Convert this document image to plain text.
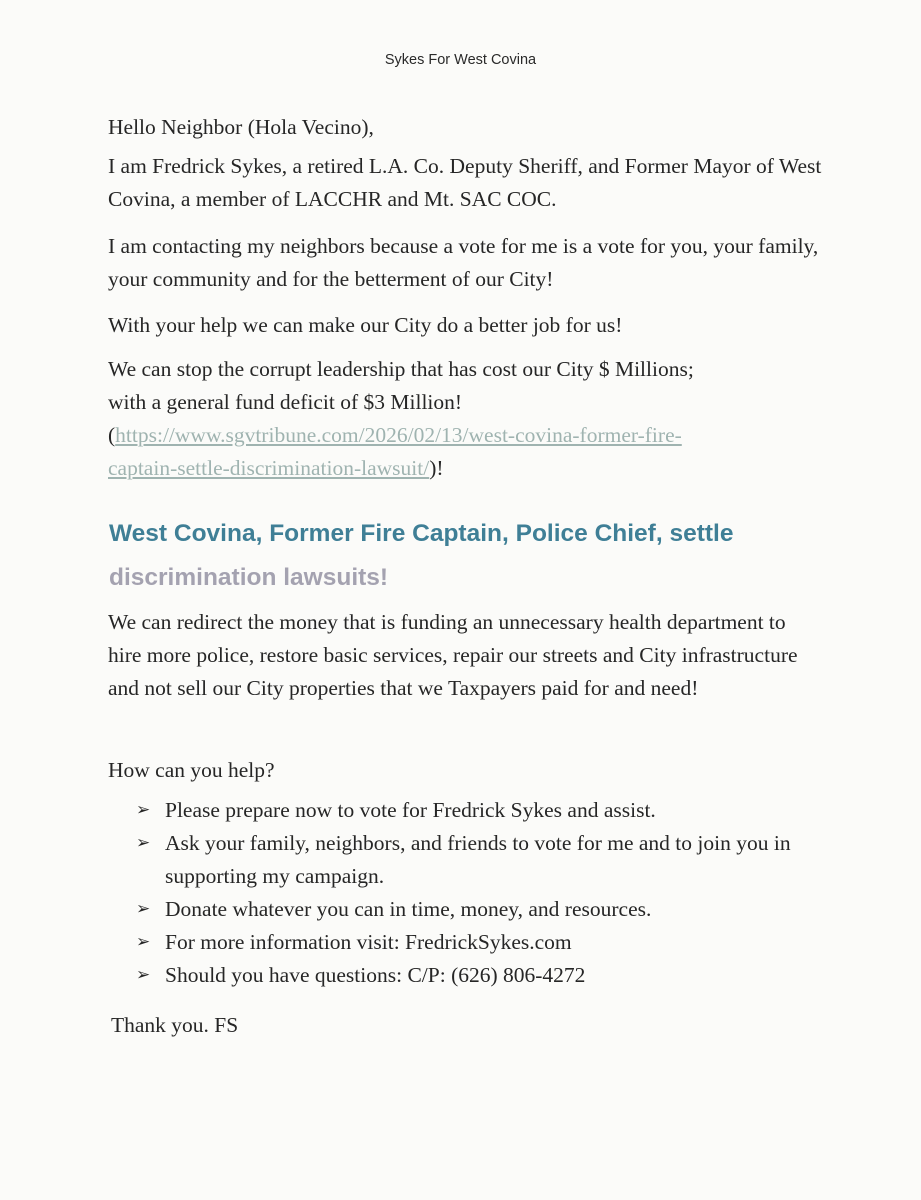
Sykes For West Covina

Hello Neighbor (Hola Vecino),

I am Fredrick Sykes, a retired L.A. Co. Deputy Sheriff, and Former Mayor of West Covina, a member of LACCHR and Mt. SAC COC.

I am contacting my neighbors because a vote for me is a vote for you, your family, your community and for the betterment of our City!

With your help we can make our City do a better job for us!

We can stop the corrupt leadership that has cost our City $ Millions;
with a general fund deficit of $3 Million!
(https://www.sgvtribune.com/2026/02/13/west-covina-former-fire-
captain-settle-discrimination-lawsuit/)!

West Covina, Former Fire Captain, Police Chief, settle
discrimination lawsuits!

We can redirect the money that is funding an unnecessary health department to hire more police, restore basic services, repair our streets and City infrastructure and not sell our City properties that we Taxpayers paid for and need!

How can you help?

➢ Please prepare now to vote for Fredrick Sykes and assist.
➢ Ask your family, neighbors, and friends to vote for me and to join you in supporting my campaign.
➢ Donate whatever you can in time, money, and resources.
➢ For more information visit: FredrickSykes.com
➢ Should you have questions: C/P: (626) 806-4272

Thank you. FS
